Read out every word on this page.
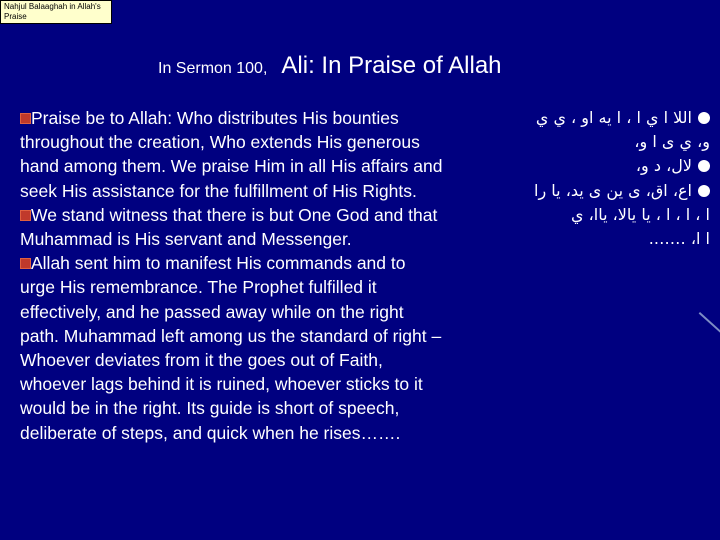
Nahjul Balaaghah in Allah's Praise
In Sermon 100, Ali: In Praise of Allah

Praise be to Allah: Who distributes His bounties throughout the creation, Who extends His generous hand among them. We praise Him in all His affairs and seek His assistance for the fulfillment of His Rights.

We stand witness that there is but One God and that Muhammad is His servant and Messenger.

Allah sent him to manifest His commands and to urge His remembrance. The Prophet fulfilled it effectively, and he passed away while on the right path. Muhammad left among us the standard of right –Whoever deviates from it the goes out of Faith, whoever lags behind it is ruined, whoever sticks to it would be in the right. Its guide is short of speech, deliberate of steps, and quick when he rises…….

اللا ا ي ا ، ا يه او ، ي ي

و، ي ى ا و،

لال، د و،

اع، اق، ى ين ى يد، يا را

ا ، ا ، ا ، يا يالا، ياا، ي

ا ا، …….
